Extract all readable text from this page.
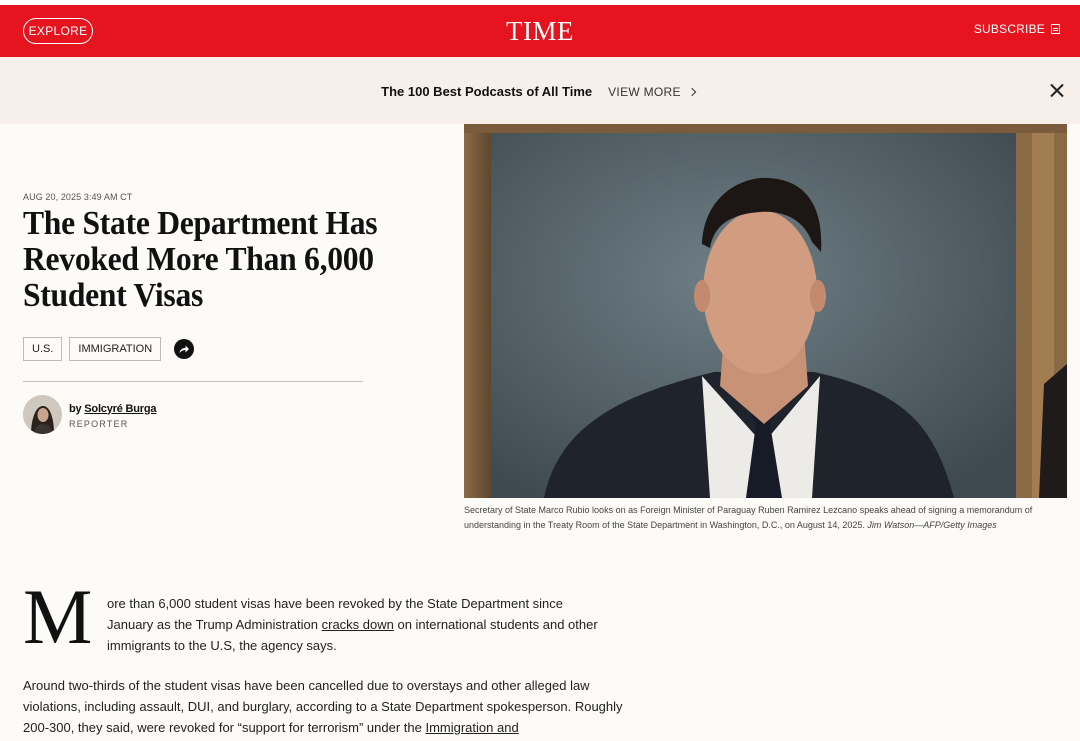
EXPLORE	TIME	SUBSCRIBE
The 100 Best Podcasts of All Time VIEW MORE
AUG 20, 2025 3:49 AM CT
The State Department Has Revoked More Than 6,000 Student Visas
U.S.	IMMIGRATION
by Solcyré Burga
REPORTER
Secretary of State Marco Rubio looks on as Foreign Minister of Paraguay Ruben Ramirez Lezcano speaks ahead of signing a memorandum of understanding in the Treaty Room of the State Department in Washington, D.C., on August 14, 2025. Jim Watson—AFP/Getty Images
M ore than 6,000 student visas have been revoked by the State Department since January as the Trump Administration cracks down on international students and other immigrants to the U.S, the agency says.

Around two-thirds of the student visas have been cancelled due to overstays and other alleged law violations, including assault, DUI, and burglary, according to a State Department spokesperson. Roughly 200-300, they said, were revoked for “support for terrorism” under the Immigration and
